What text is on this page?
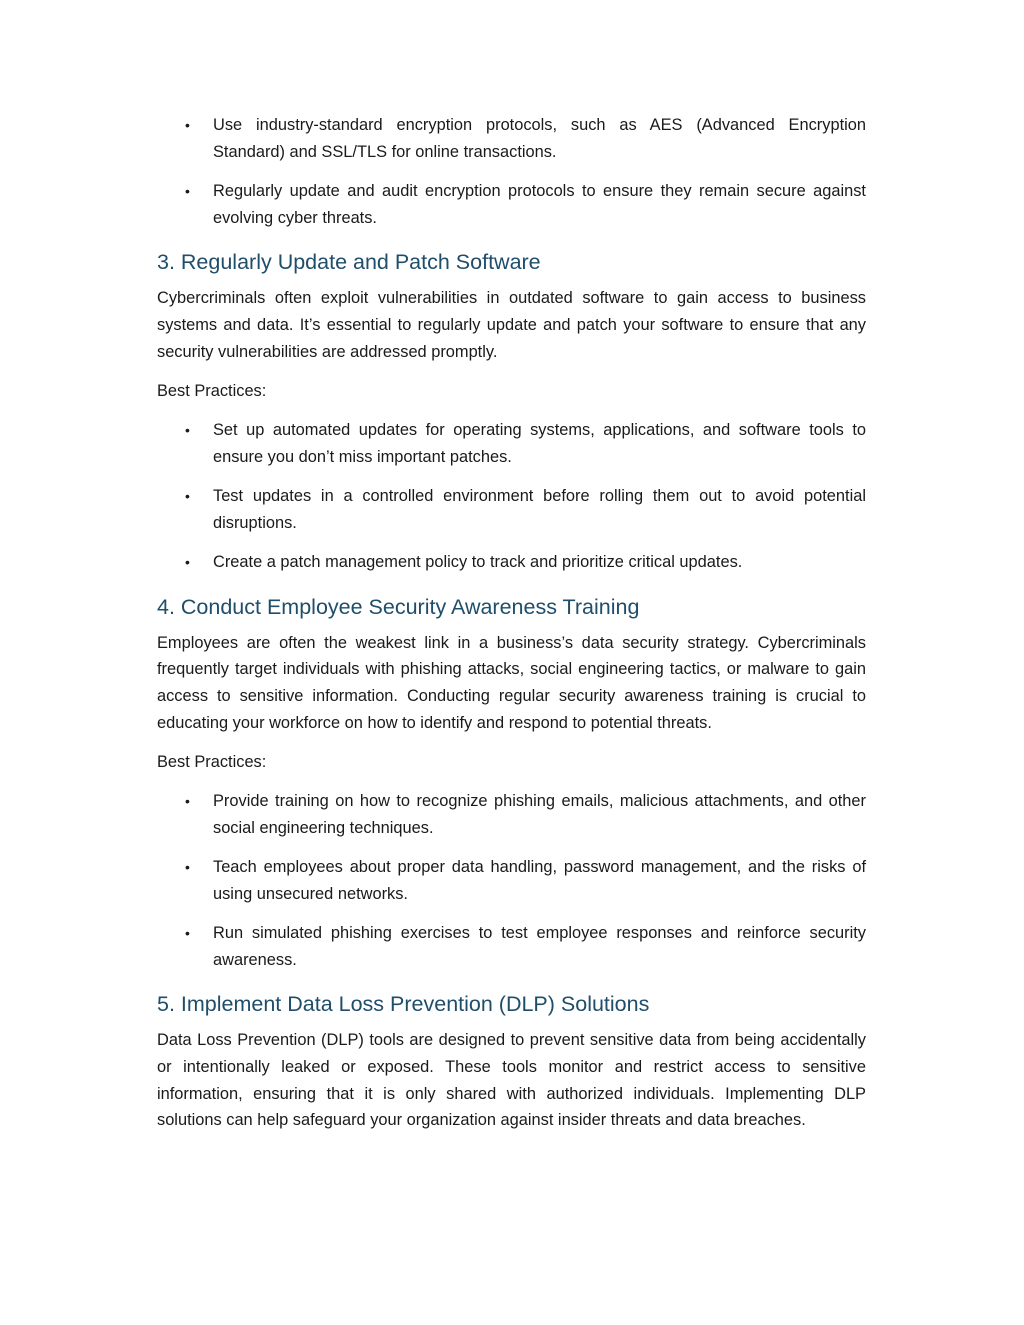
• Use industry-standard encryption protocols, such as AES (Advanced Encryption Standard) and SSL/TLS for online transactions.
• Regularly update and audit encryption protocols to ensure they remain secure against evolving cyber threats.
3. Regularly Update and Patch Software

Cybercriminals often exploit vulnerabilities in outdated software to gain access to business systems and data. It’s essential to regularly update and patch your software to ensure that any security vulnerabilities are addressed promptly.

Best Practices:

• Set up automated updates for operating systems, applications, and software tools to ensure you don’t miss important patches.
• Test updates in a controlled environment before rolling them out to avoid potential disruptions.
• Create a patch management policy to track and prioritize critical updates.
4. Conduct Employee Security Awareness Training

Employees are often the weakest link in a business’s data security strategy. Cybercriminals frequently target individuals with phishing attacks, social engineering tactics, or malware to gain access to sensitive information. Conducting regular security awareness training is crucial to educating your workforce on how to identify and respond to potential threats.

Best Practices:

• Provide training on how to recognize phishing emails, malicious attachments, and other social engineering techniques.
• Teach employees about proper data handling, password management, and the risks of using unsecured networks.
• Run simulated phishing exercises to test employee responses and reinforce security awareness.
5. Implement Data Loss Prevention (DLP) Solutions

Data Loss Prevention (DLP) tools are designed to prevent sensitive data from being accidentally or intentionally leaked or exposed. These tools monitor and restrict access to sensitive information, ensuring that it is only shared with authorized individuals. Implementing DLP solutions can help safeguard your organization against insider threats and data breaches.
